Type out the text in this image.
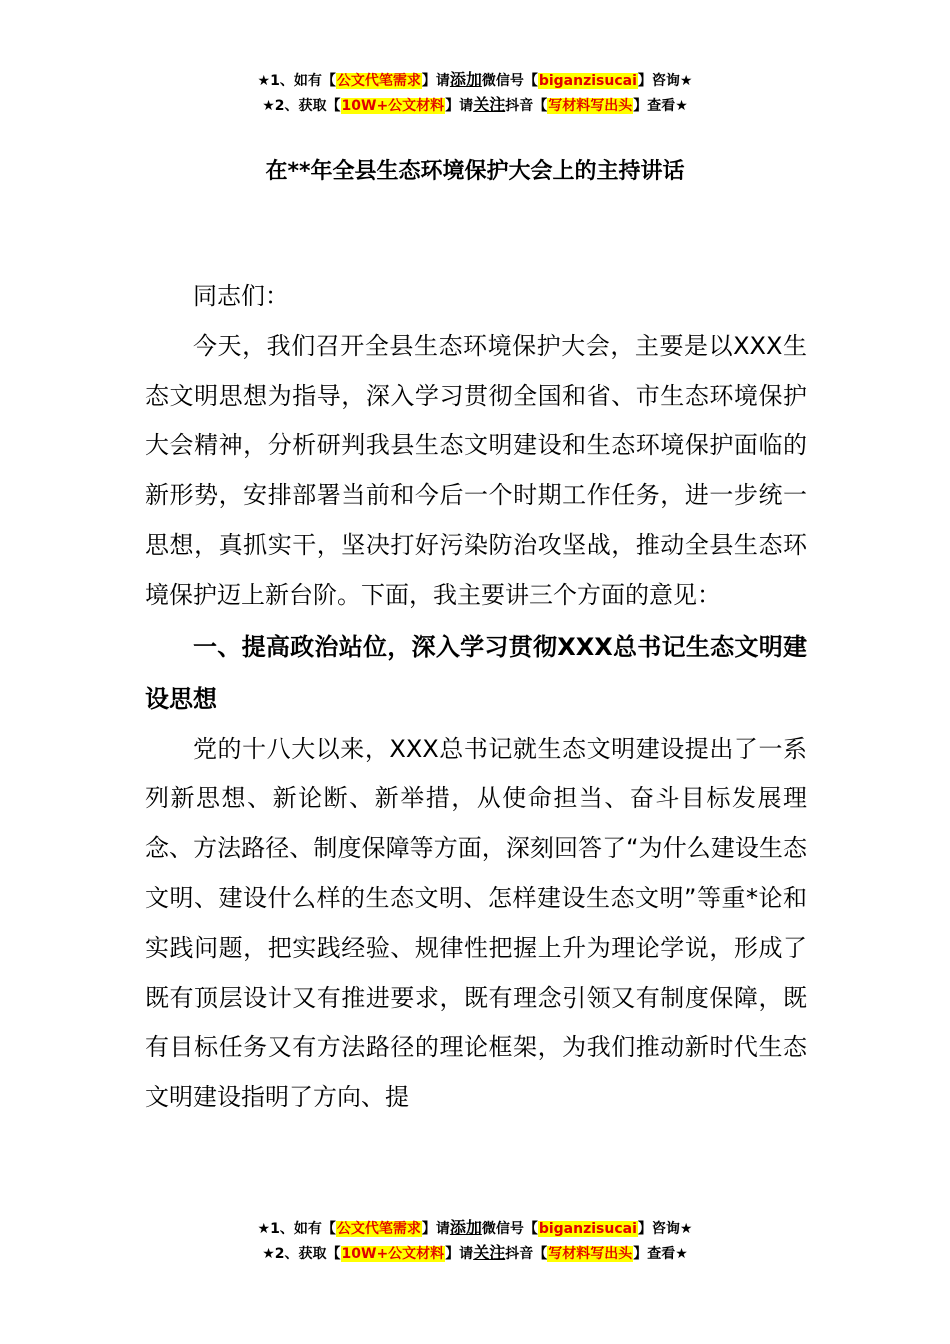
★1、如有【公文代笔需求】请添加微信号【biganzisucai】咨询★
★2、获取【10W+公文材料】请关注抖音【写材料写出头】查看★
在**年全县生态环境保护大会上的主持讲话

同志们：

今天，我们召开全县生态环境保护大会，主要是以XXX生态文明思想为指导，深入学习贯彻全国和省、市生态环境保护大会精神，分析研判我县生态文明建设和生态环境保护面临的新形势，安排部署当前和今后一个时期工作任务，进一步统一思想，真抓实干，坚决打好污染防治攻坚战，推动全县生态环境保护迈上新台阶。下面，我主要讲三个方面的意见：

一、提高政治站位，深入学习贯彻XXX总书记生态文明建设思想

党的十八大以来，XXX总书记就生态文明建设提出了一系列新思想、新论断、新举措，从使命担当、奋斗目标发展理念、方法路径、制度保障等方面，深刻回答了“为什么建设生态文明、建设什么样的生态文明、怎样建设生态文明”等重*论和实践问题，把实践经验、规律性把握上升为理论学说，形成了既有顶层设计又有推进要求，既有理念引领又有制度保障，既有目标任务又有方法路径的理论框架，为我们推动新时代生态文明建设指明了方向、提

★1、如有【公文代笔需求】请添加微信号【biganzisucai】咨询★
★2、获取【10W+公文材料】请关注抖音【写材料写出头】查看★
